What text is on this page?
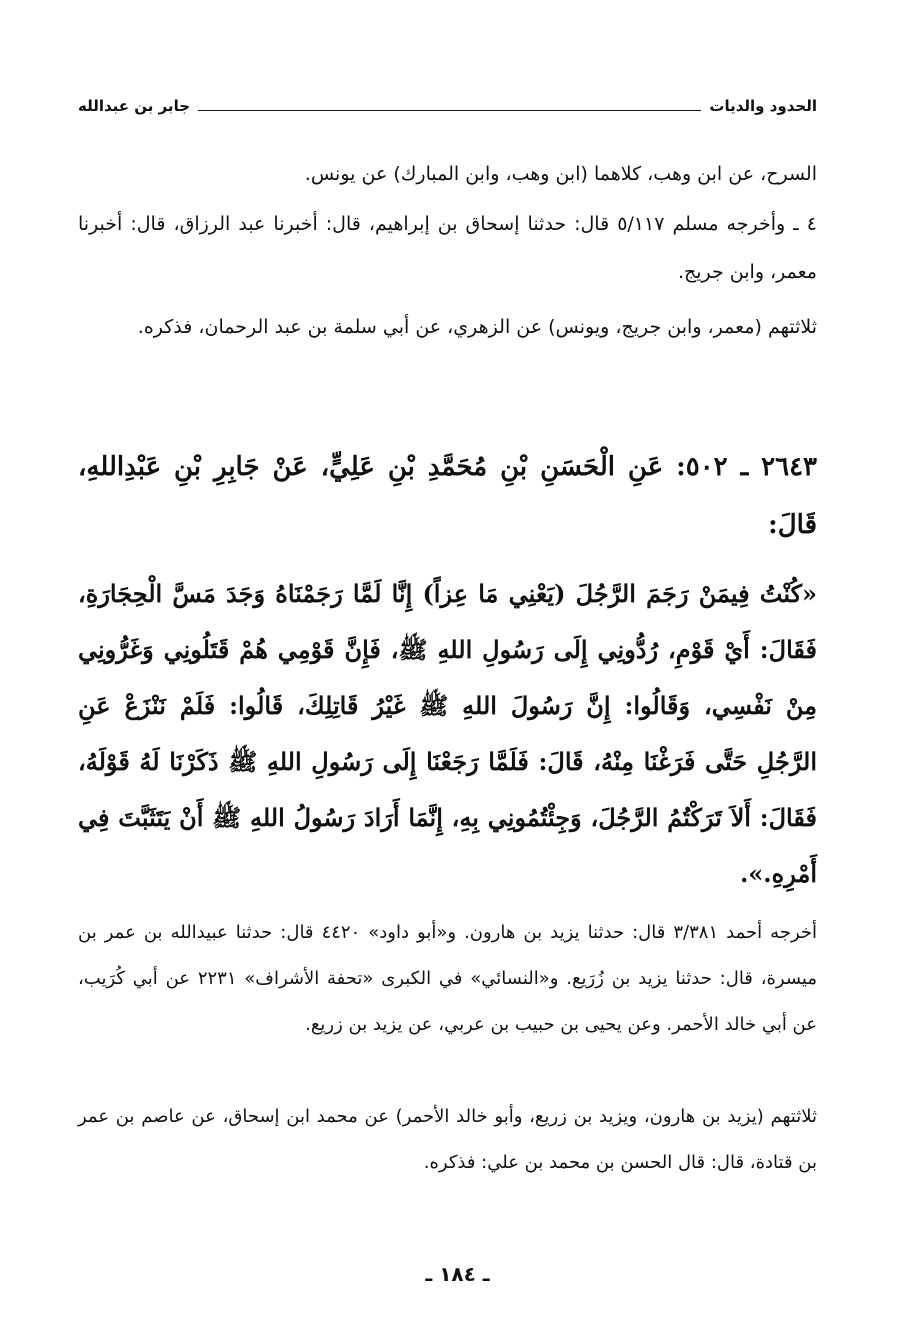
جابر بن عبدالله	الحدود والديات
السرح، عن ابن وهب، كلاهما (ابن وهب، وابن المبارك) عن يونس.
٤ ـ وأخرجه مسلم ٥/١١٧ قال: حدثنا إسحاق بن إبراهيم، قال: أخبرنا عبد الرزاق، قال: أخبرنا معمر، وابن جريج.
ثلاثتهم (معمر، وابن جريج، ويونس) عن الزهري، عن أبي سلمة بن عبد الرحمان، فذكره.
٢٦٤٣ ـ ٥٠٢: عَنِ الْحَسَنِ بْنِ مُحَمَّدِ بْنِ عَلِيٍّ، عَنْ جَابِرِ بْنِ عَبْدِاللهِ، قَالَ:
«كُنْتُ فِيمَنْ رَجَمَ الرَّجُلَ (يَعْنِي مَا عِزاً) إِنَّا لَمَّا رَجَمْنَاهُ وَجَدَ مَسَّ الْحِجَارَةِ، فَقَالَ: أَيْ قَوْمِ، رُدُّونِي إِلَى رَسُولِ اللهِ ﷺ، فَإِنَّ قَوْمِي هُمْ قَتَلُونِي وَغَرُّونِي مِنْ نَفْسِي، وَقَالُوا: إِنَّ رَسُولَ اللهِ ﷺ غَيْرُ قَاتِلِكَ، قَالُوا: فَلَمْ نَنْزَعْ عَنِ الرَّجُلِ حَتَّى فَرَغْنَا مِنْهُ، قَالَ: فَلَمَّا رَجَعْنَا إِلَى رَسُولِ اللهِ ﷺ ذَكَرْنَا لَهُ قَوْلَهُ، فَقَالَ: أَلاَ تَرَكْتُمُ الرَّجُلَ، وَجِئْتُمُونِي بِهِ، إِنَّمَا أَرَادَ رَسُولُ اللهِ ﷺ أَنْ يَتَثَبَّتَ فِي أَمْرِهِ.».
أخرجه أحمد ٣/٣٨١ قال: حدثنا يزيد بن هارون. و«أبو داود» ٤٤٢٠ قال: حدثنا عبيدالله بن عمر بن ميسرة، قال: حدثنا يزيد بن زُرَيع. و«النسائي» في الكبرى «تحفة الأشراف» ٢٢٣١ عن أبي كُرَيب، عن أبي خالد الأحمر. وعن يحيى بن حبيب بن عربي، عن يزيد بن زريع.
ثلاثتهم (يزيد بن هارون، ويزيد بن زريع، وأبو خالد الأحمر) عن محمد ابن إسحاق، عن عاصم بن عمر بن قتادة، قال: قال الحسن بن محمد بن علي: فذكره.
ـ ١٨٤ ـ
